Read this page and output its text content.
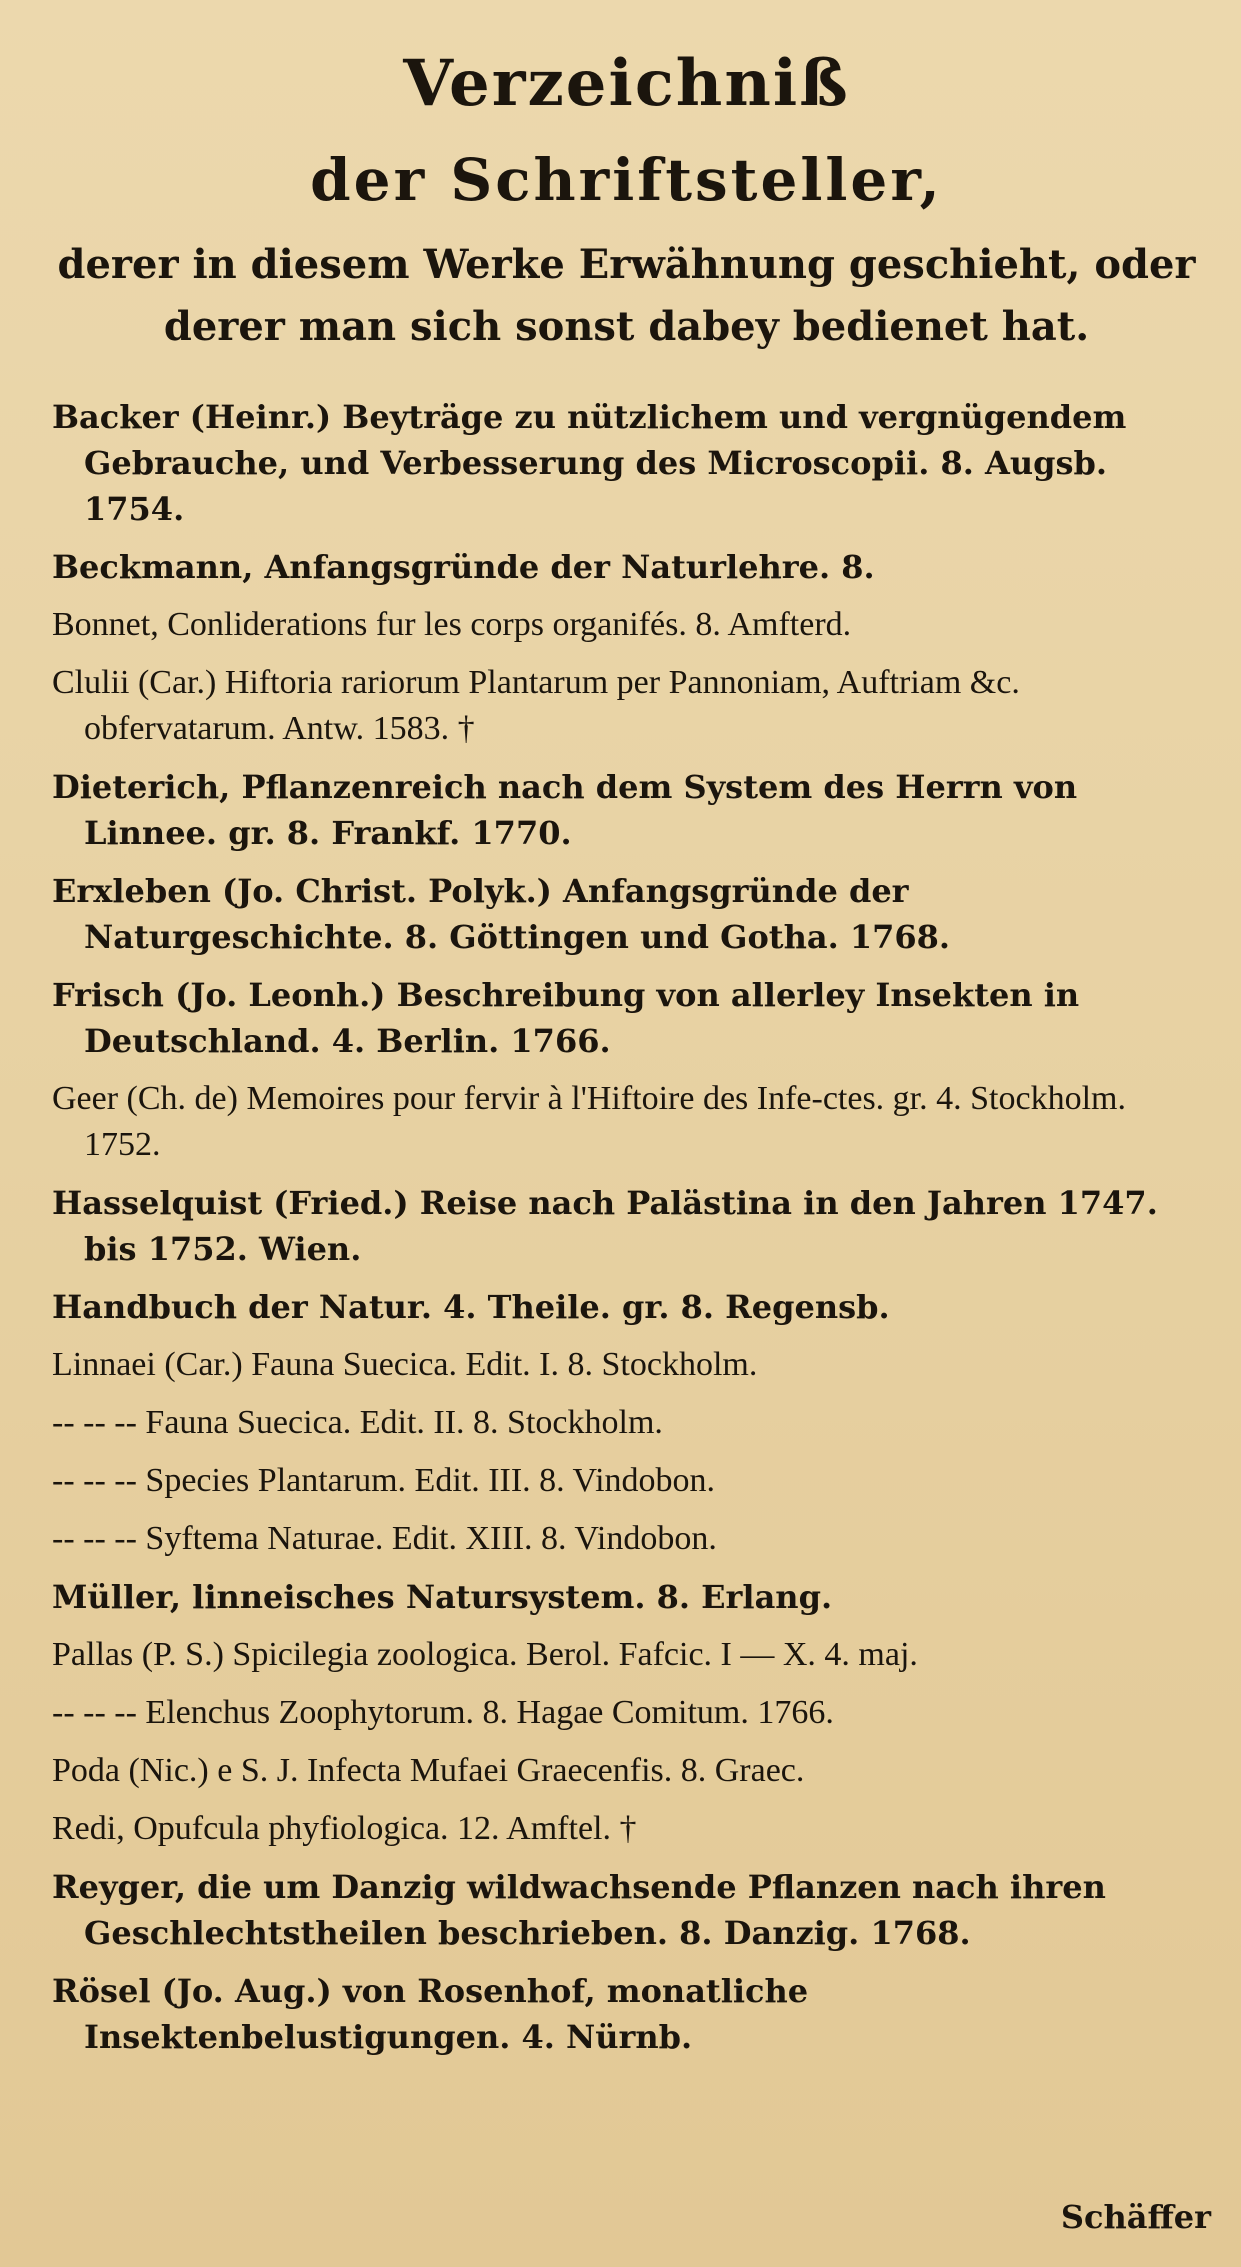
Verzeichniß
der Schriftsteller,
derer in diesem Werke Erwähnung geschieht, oder
derer man sich sonst dabey bedienet hat.
Backer (Heinr.) Beyträge zu nützlichem und vergnügendem Gebrauche, und Verbesserung des Microscopii. 8. Augsb. 1754.
Beckmann, Anfangsgründe der Naturlehre. 8.
Bonnet, Conliderations fur les corps organifés. 8. Amfterd.
Clulii (Car.) Hiftoria rariorum Plantarum per Pannoniam, Auftriam &c. obfervatarum. Antw. 1583. †
Dieterich, Pflanzenreich nach dem System des Herrn von Linnee. gr. 8. Frankf. 1770.
Erxleben (Jo. Christ. Polyk.) Anfangsgründe der Naturgeschichte. 8. Göttingen und Gotha. 1768.
Frisch (Jo. Leonh.) Beschreibung von allerley Insekten in Deutschland. 4. Berlin. 1766.
Geer (Ch. de) Memoires pour fervir à l'Hiftoire des Infe-ctes. gr. 4. Stockholm. 1752.
Hasselquist (Fried.) Reise nach Palästina in den Jahren 1747. bis 1752. Wien.
Handbuch der Natur. 4. Theile. gr. 8. Regensb.
Linnaei (Car.) Fauna Suecica. Edit. I. 8. Stockholm.
-- -- -- Fauna Suecica. Edit. II. 8. Stockholm.
-- -- -- Species Plantarum. Edit. III. 8. Vindobon.
-- -- -- Syftema Naturae. Edit. XIII. 8. Vindobon.
Müller, linneisches Natursystem. 8. Erlang.
Pallas (P. S.) Spicilegia zoologica. Berol. Fafcic. I — X. 4. maj.
-- -- -- Elenchus Zoophytorum. 8. Hagae Comitum. 1766.
Poda (Nic.) e S. J. Infecta Mufaei Graecenfis. 8. Graec.
Redi, Opufcula phyfiologica. 12. Amftel. †
Reyger, die um Danzig wildwachsende Pflanzen nach ihren Geschlechtstheilen beschrieben. 8. Danzig. 1768.
Rösel (Jo. Aug.) von Rosenhof, monatliche Insektenbelustigungen. 4. Nürnb.
Schäffer
